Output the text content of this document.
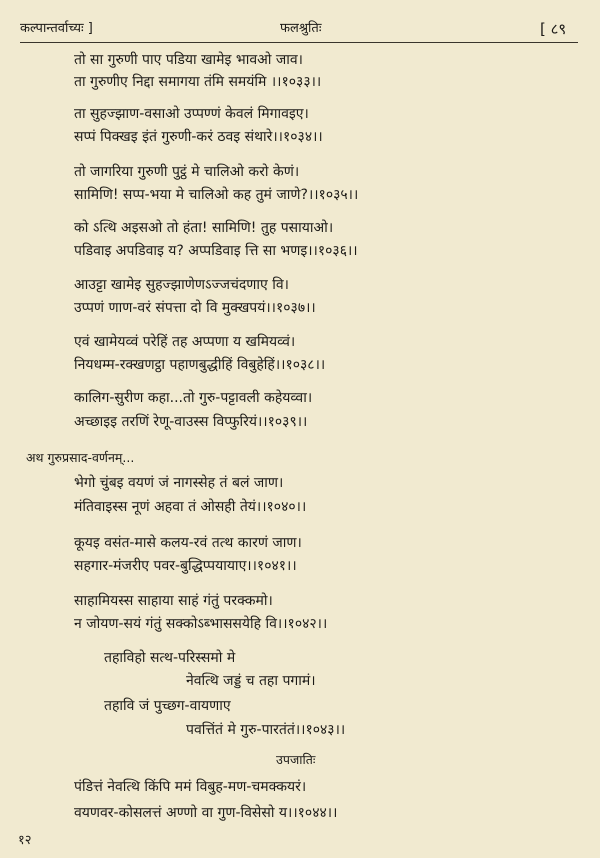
कल्पान्तर्वाच्यः ]	फलश्रुतिः	[ ८९
तो सा गुरुणी पाए पडिया खामेइ भावओ जाव।
ता गुरुणीए निद्दा समागया तंमि समयंमि ।।१०३३।।
ता सुहज्झाण-वसाओ उप्पण्णं केवलं मिगावइए।
सप्पं पिक्खइ इंतं गुरुणी-करं ठवइ संथारे।।१०३४।।
तो जागरिया गुरुणी पुट्ठं मे चालिओ करो केणं।
सामिणि! सप्प-भया मे चालिओ कह तुमं जाणे?।।१०३५।।
को ऽत्थि अइसओ तो हंता! सामिणि! तुह पसायाओ।
पडिवाइ अपडिवाइ य? अप्पडिवाइ त्ति सा भणइ।।१०३६।।
आउट्टा खामेइ सुहज्झाणेणऽज्जचंदणाए वि।
उप्पणं णाण-वरं संपत्ता दो वि मुक्खपयं।।१०३७।।
एवं खामेयव्वं परेहिं तह अप्पणा य खमियव्वं।
नियधम्म-रक्खणट्ठा पहाणबुद्धीहिं विबुहेहिं।।१०३८।।
कालिग-सुरीण कहा...तो गुरु-पट्टावली कहेयव्वा।
अच्छाइइ तरणिं रेणू-वाउस्स विप्फुरियं।।१०३९।।
अथ गुरुप्रसाद-वर्णनम्...
भेगो चुंबइ वयणं जं नागस्सेह तं बलं जाण।
मंतिवाइस्स नूणं अहवा तं ओसही तेयं।।१०४०।।
कूयइ वसंत-मासे कलय-रवं तत्थ कारणं जाण।
सहगार-मंजरीए पवर-बुद्धिप्पयायाए।।१०४१।।
साहामियस्स साहाया साहं गंतुं परक्कमो।
न जोयण-सयं गंतुं सक्कोऽब्भाससयेहि वि।।१०४२।।
तहाविहो सत्थ-परिस्समो मे
नेवत्थि जड्डं च तहा पगामं।
तहावि जं पुच्छग-वायणाए
पवत्तिंतं मे गुरु-पारतंतं।।१०४३।।
उपजातिः
पंडित्तं नेवत्थि किंपि ममं विबुह-मण-चमक्कयरं।
वयणवर-कोसलत्तं अण्णो वा गुण-विसेसो य।।१०४४।।
१२
